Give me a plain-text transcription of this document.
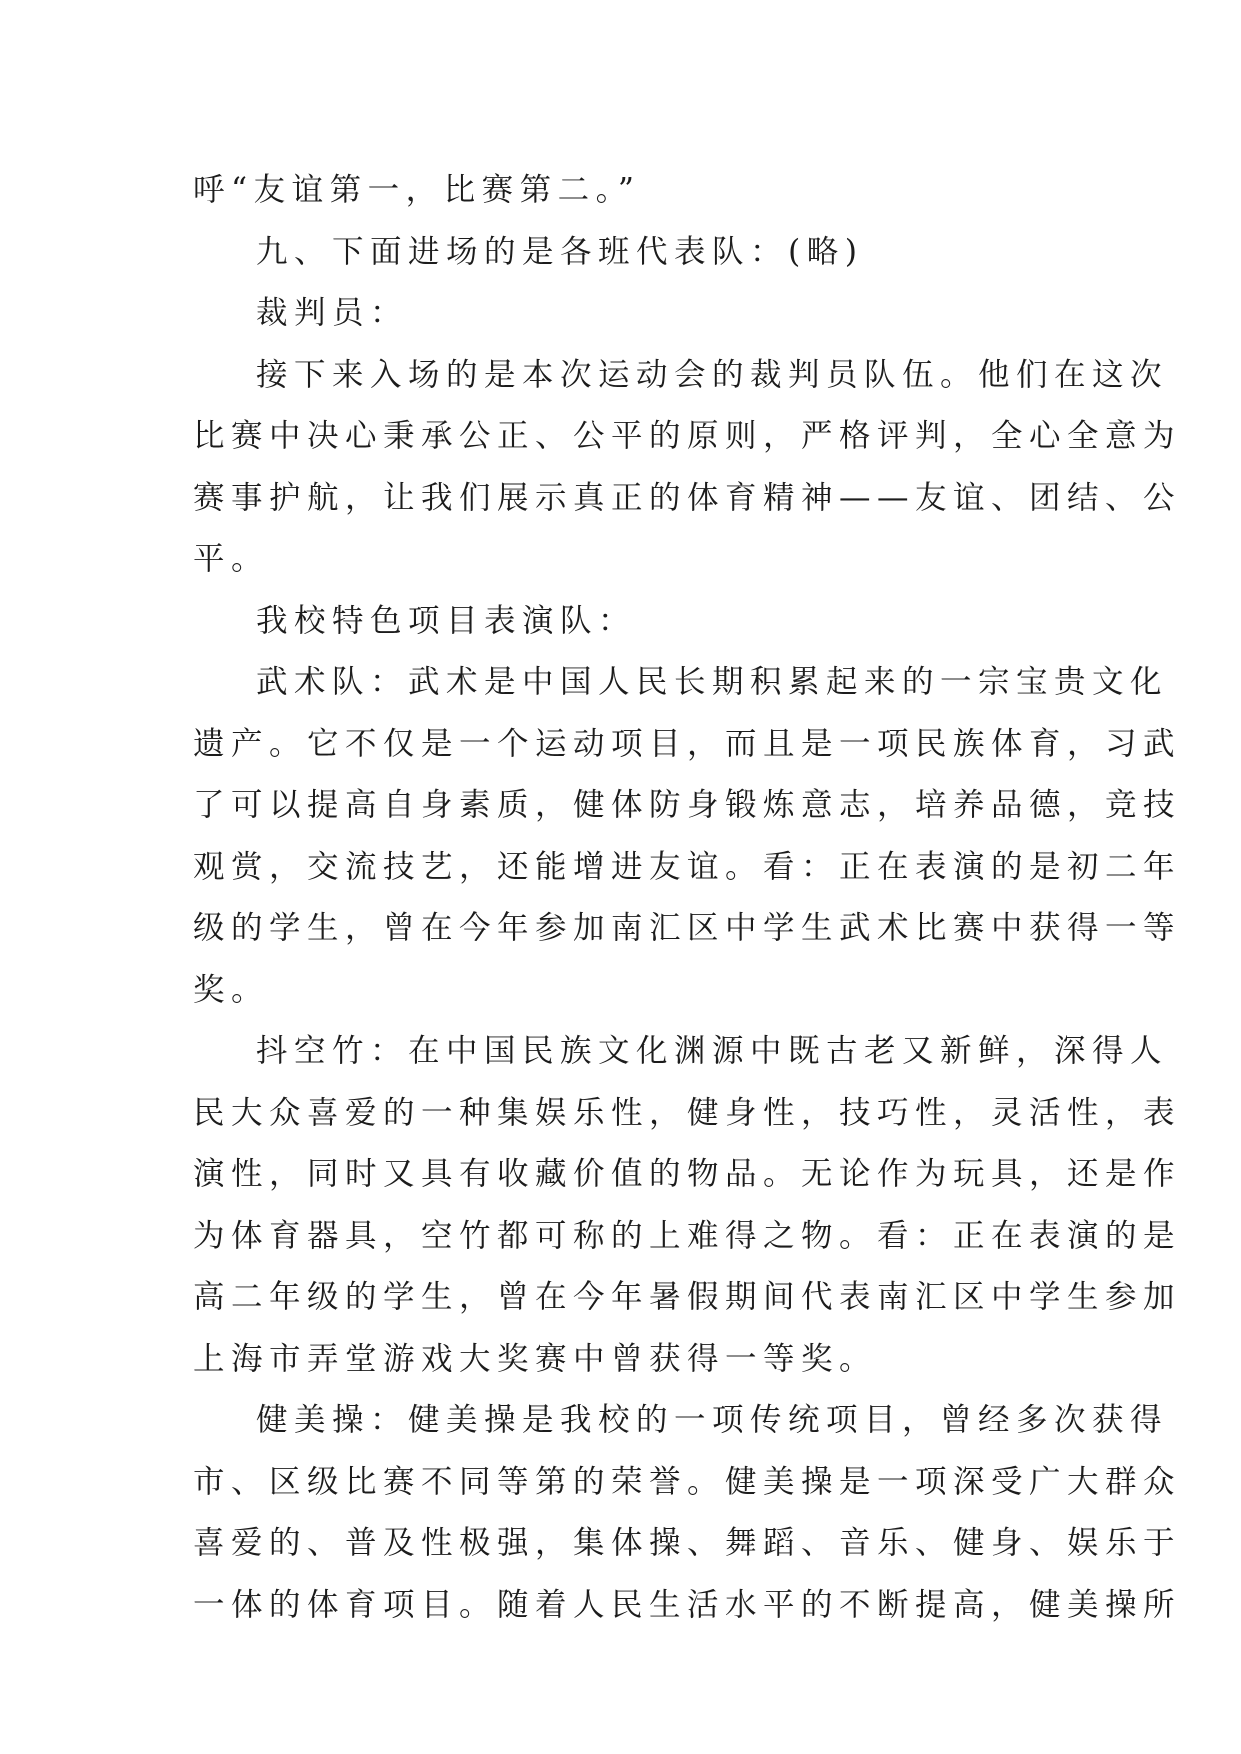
呼“友谊第一，比赛第二。”
九、下面进场的是各班代表队：(略)
裁判员：
接下来入场的是本次运动会的裁判员队伍。他们在这次
比赛中决心秉承公正、公平的原则，严格评判，全心全意为
赛事护航，让我们展示真正的体育精神——友谊、团结、公
平。
我校特色项目表演队：
武术队：武术是中国人民长期积累起来的一宗宝贵文化
遗产。它不仅是一个运动项目，而且是一项民族体育，习武
了可以提高自身素质，健体防身锻炼意志，培养品德，竞技
观赏，交流技艺，还能增进友谊。看：正在表演的是初二年
级的学生，曾在今年参加南汇区中学生武术比赛中获得一等
奖。
抖空竹：在中国民族文化渊源中既古老又新鲜，深得人
民大众喜爱的一种集娱乐性，健身性，技巧性，灵活性，表
演性，同时又具有收藏价值的物品。无论作为玩具，还是作
为体育器具，空竹都可称的上难得之物。看：正在表演的是
高二年级的学生，曾在今年暑假期间代表南汇区中学生参加
上海市弄堂游戏大奖赛中曾获得一等奖。
健美操：健美操是我校的一项传统项目，曾经多次获得
市、区级比赛不同等第的荣誉。健美操是一项深受广大群众
喜爱的、普及性极强，集体操、舞蹈、音乐、健身、娱乐于
一体的体育项目。随着人民生活水平的不断提高，健美操所
